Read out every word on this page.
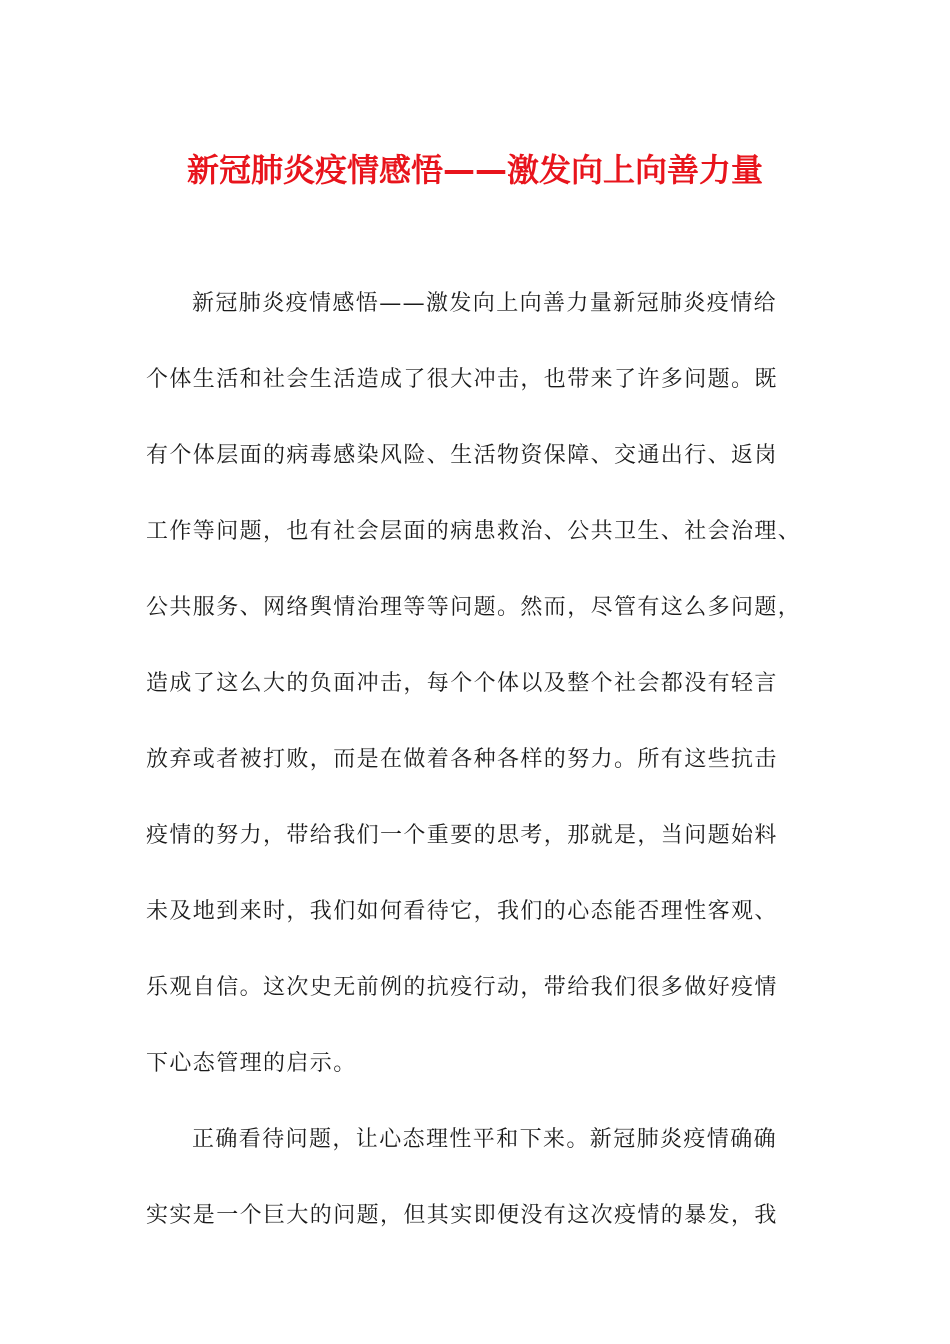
新冠肺炎疫情感悟——激发向上向善力量
新冠肺炎疫情感悟——激发向上向善力量新冠肺炎疫情给
个体生活和社会生活造成了很大冲击，也带来了许多问题。既
有个体层面的病毒感染风险、生活物资保障、交通出行、返岗
工作等问题，也有社会层面的病患救治、公共卫生、社会治理、
公共服务、网络舆情治理等等问题。然而，尽管有这么多问题，
造成了这么大的负面冲击，每个个体以及整个社会都没有轻言
放弃或者被打败，而是在做着各种各样的努力。所有这些抗击
疫情的努力，带给我们一个重要的思考，那就是，当问题始料
未及地到来时，我们如何看待它，我们的心态能否理性客观、
乐观自信。这次史无前例的抗疫行动，带给我们很多做好疫情
下心态管理的启示。
正确看待问题，让心态理性平和下来。新冠肺炎疫情确确
实实是一个巨大的问题，但其实即便没有这次疫情的暴发，我
